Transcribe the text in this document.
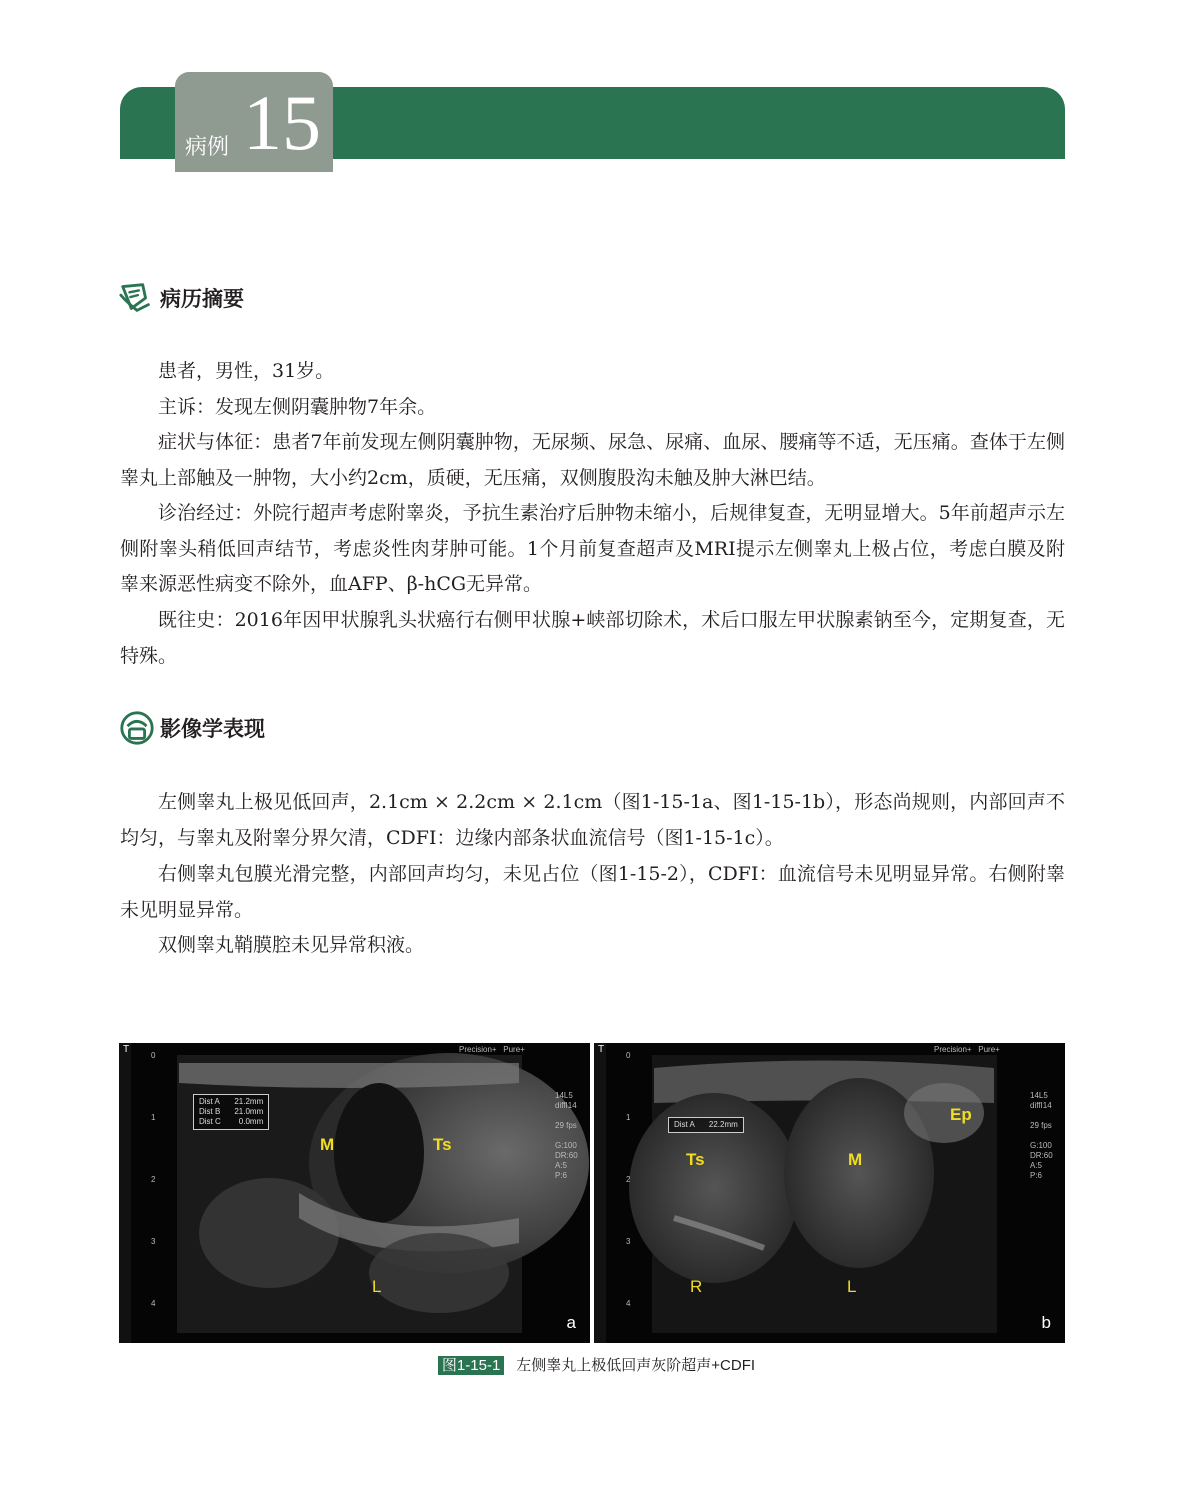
病例 15
病历摘要

患者，男性，31岁。

主诉：发现左侧阴囊肿物7年余。

症状与体征：患者7年前发现左侧阴囊肿物，无尿频、尿急、尿痛、血尿、腰痛等不适，无压痛。查体于左侧睾丸上部触及一肿物，大小约2cm，质硬，无压痛，双侧腹股沟未触及肿大淋巴结。

诊治经过：外院行超声考虑附睾炎，予抗生素治疗后肿物未缩小，后规律复查，无明显增大。5年前超声示左侧附睾头稍低回声结节，考虑炎性肉芽肿可能。1个月前复查超声及MRI提示左侧睾丸上极占位，考虑白膜及附睾来源恶性病变不除外，血AFP、β-hCG无异常。

既往史：2016年因甲状腺乳头状癌行右侧甲状腺+峡部切除术，术后口服左甲状腺素钠至今，定期复查，无特殊。

影像学表现

左侧睾丸上极见低回声，2.1cm × 2.2cm × 2.1cm（图1-15-1a、图1-15-1b），形态尚规则，内部回声不均匀，与睾丸及附睾分界欠清，CDFI：边缘内部条状血流信号（图1-15-1c）。

右侧睾丸包膜光滑完整，内部回声均匀，未见占位（图1-15-2），CDFI：血流信号未见明显异常。右侧附睾未见明显异常。

双侧睾丸鞘膜腔未见异常积液。

T	Precision+   Pure+
0
1
2
3
4
Dist A 21.2mm
Dist B 21.0mm
Dist C 0.0mm
14L5
diffI14

29 fps

G:100
DR:60
A:5
P:6
M	Ts
L
a
T	Precision+   Pure+
0
1
2
3
4
Dist A 22.2mm
14L5
diffI14

29 fps

G:100
DR:60
A:5
P:6
Ep
Ts	M
R	L
b
图1-15-1 左侧睾丸上极低回声灰阶超声+CDFI
